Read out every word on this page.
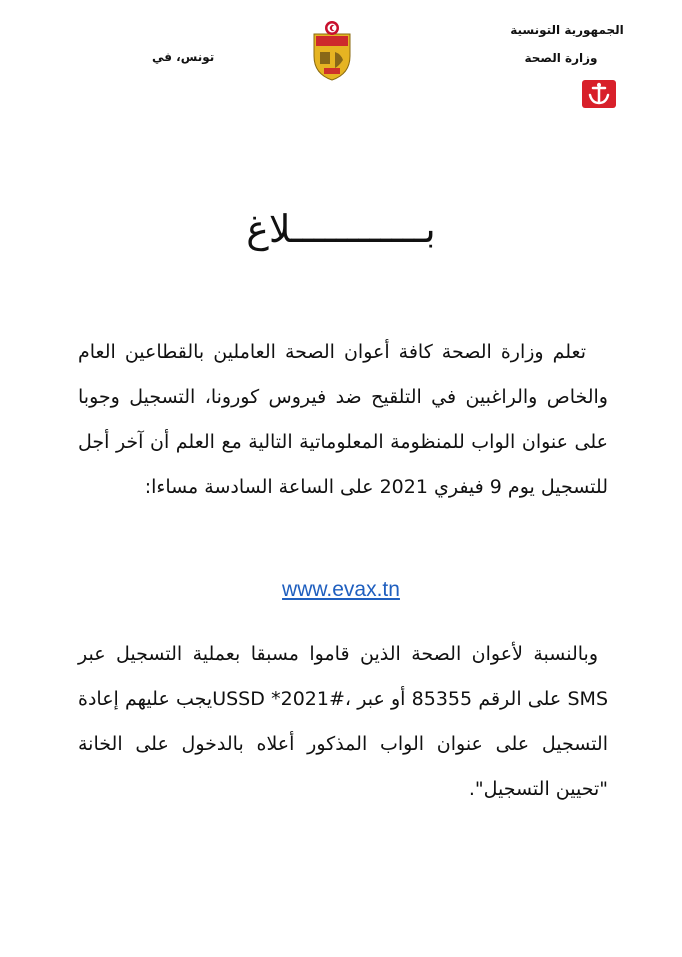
الجمهورية التونسية
وزارة الصحة
تونس، في
بــــــــــــلاغ
تعلم وزارة الصحة كافة أعوان الصحة العاملين بالقطاعين العام والخاص والراغبين في التلقيح ضد فيروس كورونا، التسجيل وجوبا على عنوان الواب للمنظومة المعلوماتية التالية مع العلم أن آخر أجل للتسجيل يوم 9 فيفري 2021 على الساعة السادسة مساءا:
www.evax.tn
وبالنسبة لأعوان الصحة الذين قاموا مسبقا بعملية التسجيل عبر SMS على الرقم 85355 أو عبر ،#2021* USSDيجب عليهم إعادة التسجيل على عنوان الواب المذكور أعلاه بالدخول على الخانة "تحيين التسجيل".
